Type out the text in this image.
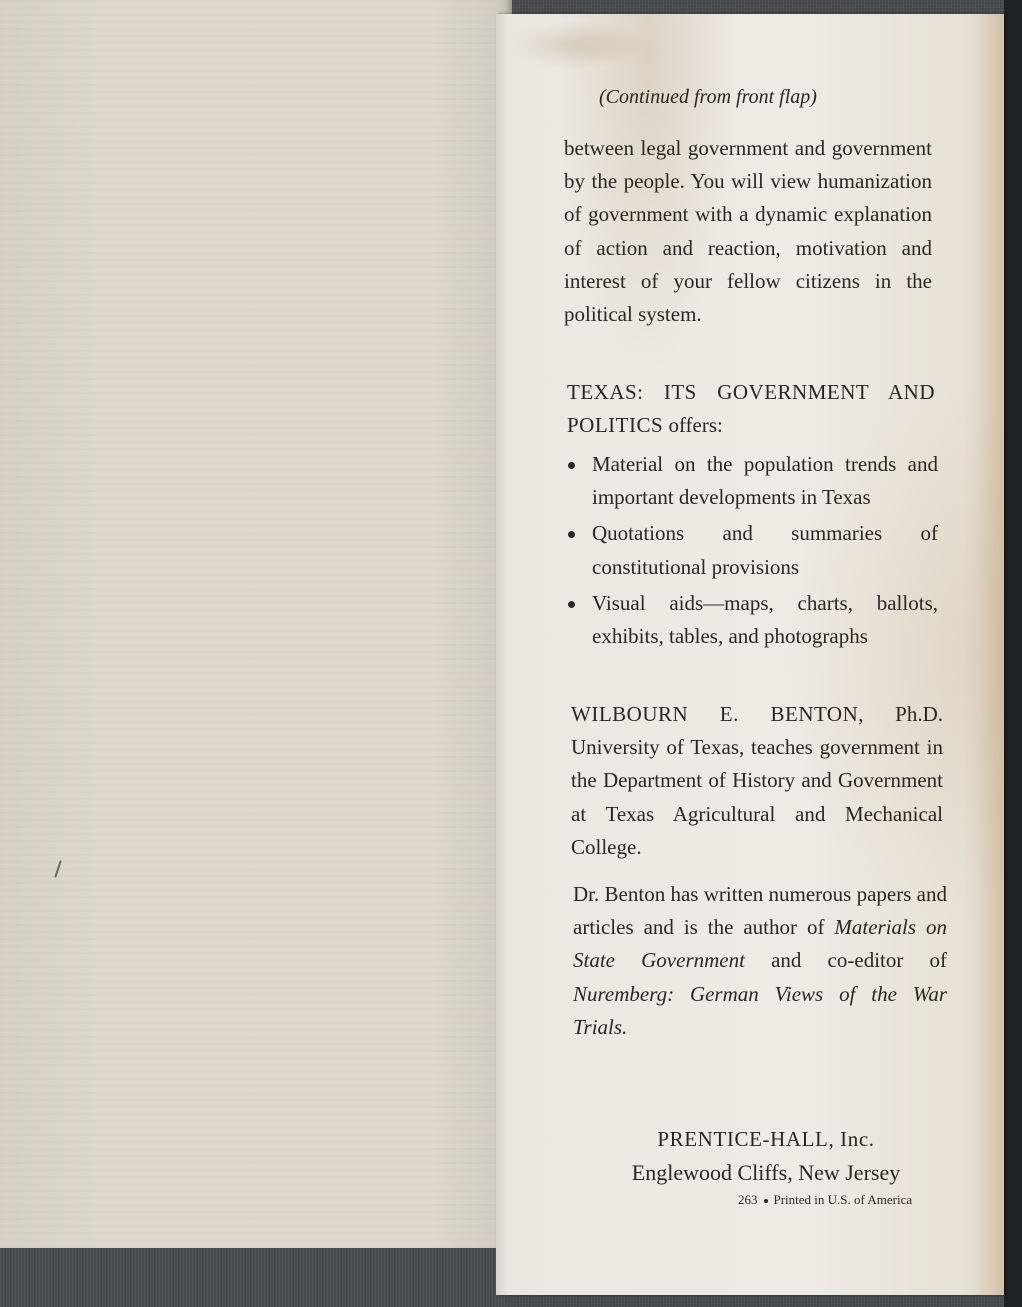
(Continued from front flap)

between legal government and government by the people. You will view humanization of government with a dynamic explanation of action and reaction, motivation and interest of your fellow citizens in the political system.

TEXAS: ITS GOVERNMENT AND POLITICS offers:

Material on the population trends and important developments in Texas
Quotations and summaries of constitutional provisions
Visual aids—maps, charts, ballots, exhibits, tables, and photographs

WILBOURN E. BENTON, Ph.D. University of Texas, teaches government in the Department of History and Government at Texas Agricultural and Mechanical College.

Dr. Benton has written numerous papers and articles and is the author of Materials on State Government and co-editor of Nuremberg: German Views of the War Trials.

PRENTICE-HALL, Inc.
Englewood Cliffs, New Jersey
263 Printed in U.S. of America
